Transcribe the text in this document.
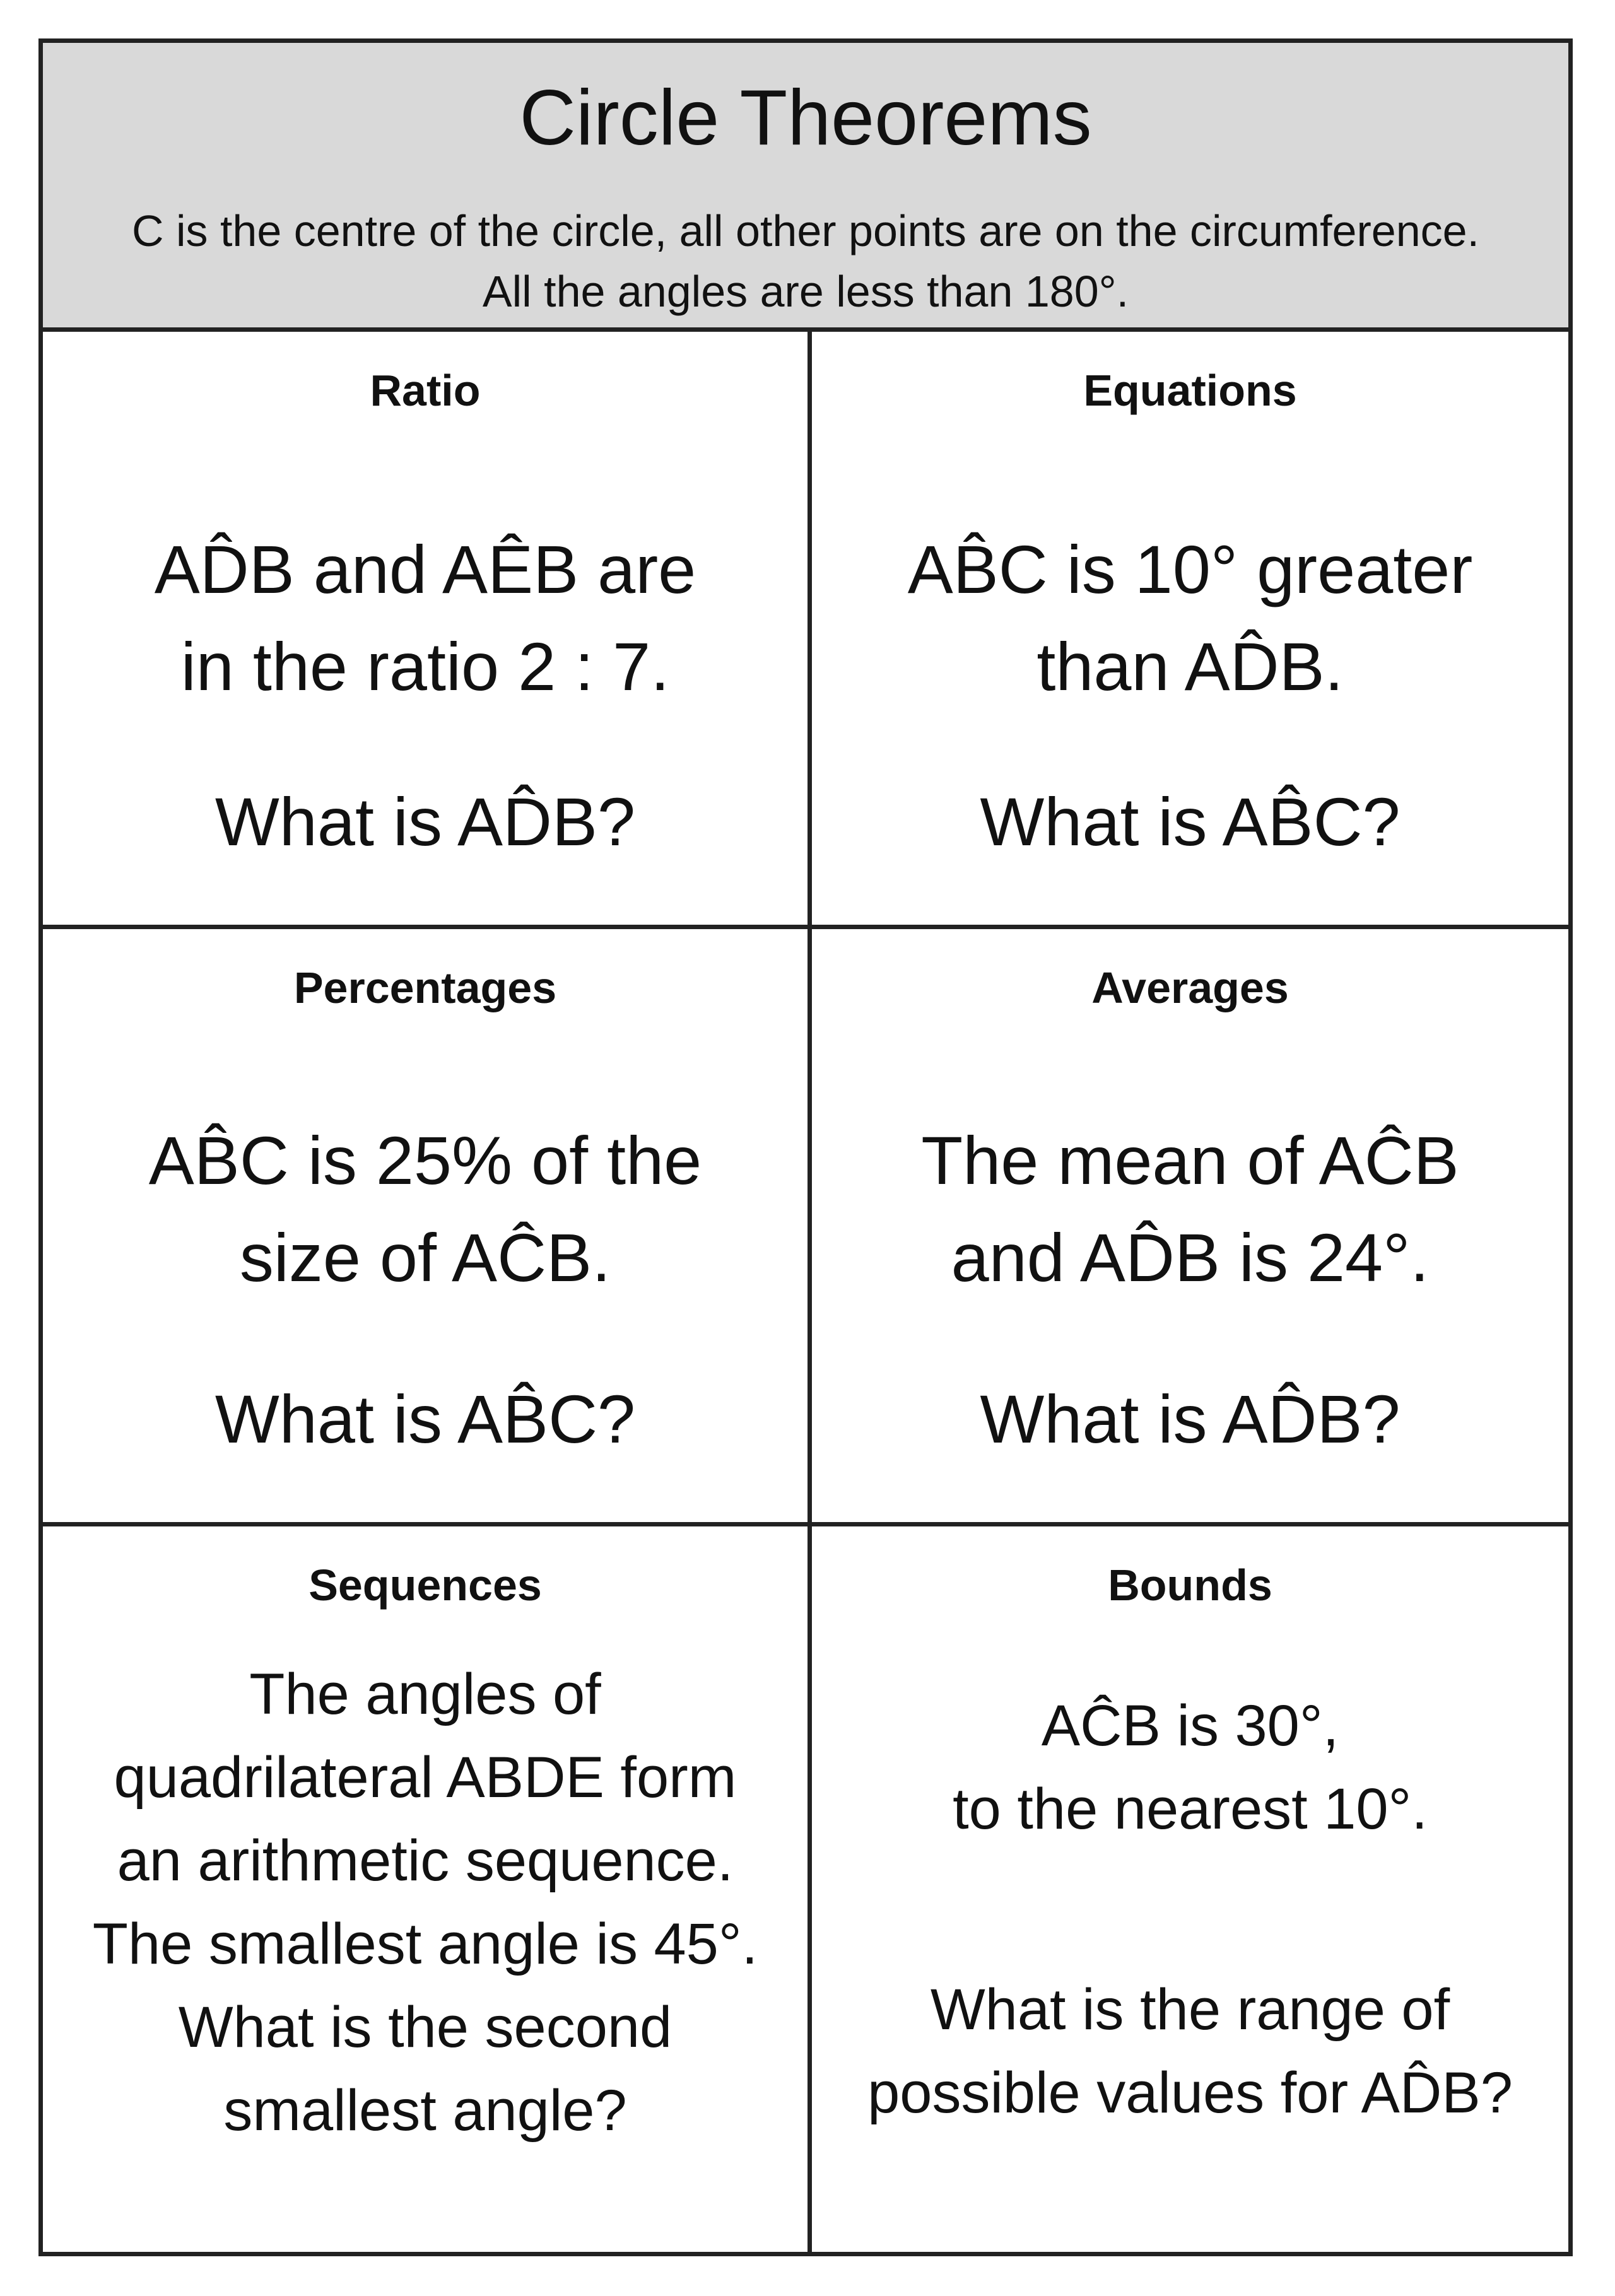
Circle Theorems
C is the centre of the circle, all other points are on the circumference.
All the angles are less than 180°.
Ratio
AD̂B and AÊB are
in the ratio 2 : 7.
What is AD̂B?
Equations
AB̂C is 10° greater
than AD̂B.
What is AB̂C?
Percentages
AB̂C is 25% of the
size of AĈB.
What is AB̂C?
Averages
The mean of AĈB
and AD̂B is 24°.
What is AD̂B?
Sequences
The angles of
quadrilateral ABDE form
an arithmetic sequence.
The smallest angle is 45°.
What is the second
smallest angle?
Bounds
AĈB is 30°,
to the nearest 10°.
What is the range of
possible values for AD̂B?
